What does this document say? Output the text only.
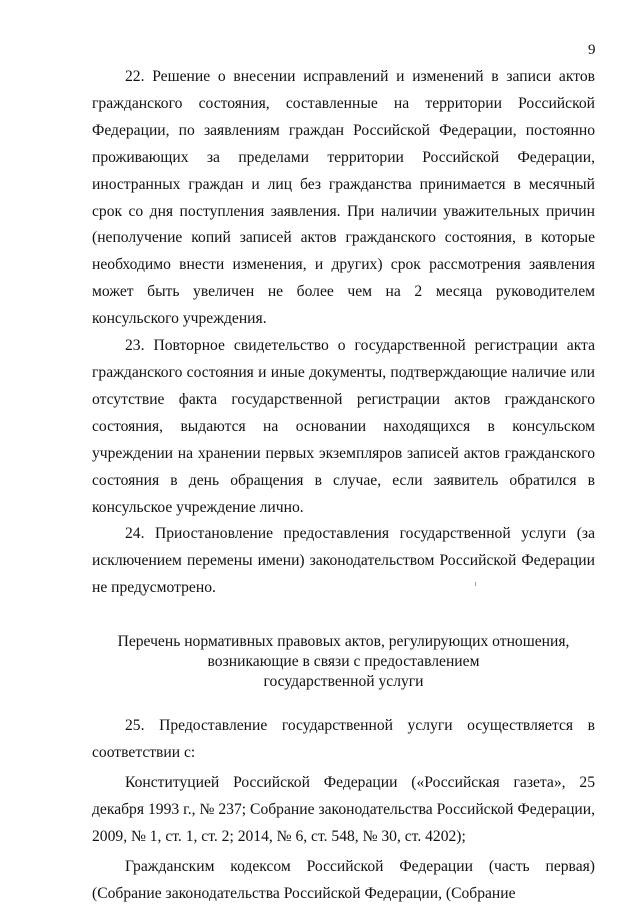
9

22. Решение о внесении исправлений и изменений в записи актов гражданского состояния, составленные на территории Российской Федерации, по заявлениям граждан Российской Федерации, постоянно проживающих за пределами территории Российской Федерации, иностранных граждан и лиц без гражданства принимается в месячный срок со дня поступления заявления. При наличии уважительных причин (неполучение копий записей актов гражданского состояния, в которые необходимо внести изменения, и других) срок рассмотрения заявления может быть увеличен не более чем на 2 месяца руководителем консульского учреждения.

23. Повторное свидетельство о государственной регистрации акта гражданского состояния и иные документы, подтверждающие наличие или отсутствие факта государственной регистрации актов гражданского состояния, выдаются на основании находящихся в консульском учреждении на хранении первых экземпляров записей актов гражданского состояния в день обращения в случае, если заявитель обратился в консульское учреждение лично.

24. Приостановление предоставления государственной услуги (за исключением перемены имени) законодательством Российской Федерации не предусмотрено.

Перечень нормативных правовых актов, регулирующих отношения,
возникающие в связи с предоставлением
государственной услуги

25. Предоставление государственной услуги осуществляется в соответствии с:

Конституцией Российской Федерации («Российская газета», 25 декабря 1993 г., № 237; Собрание законодательства Российской Федерации, 2009, № 1, ст. 1, ст. 2; 2014, № 6, ст. 548, № 30, ст. 4202);

Гражданским кодексом Российской Федерации (часть первая) (Собрание законодательства Российской Федерации, (Собрание
